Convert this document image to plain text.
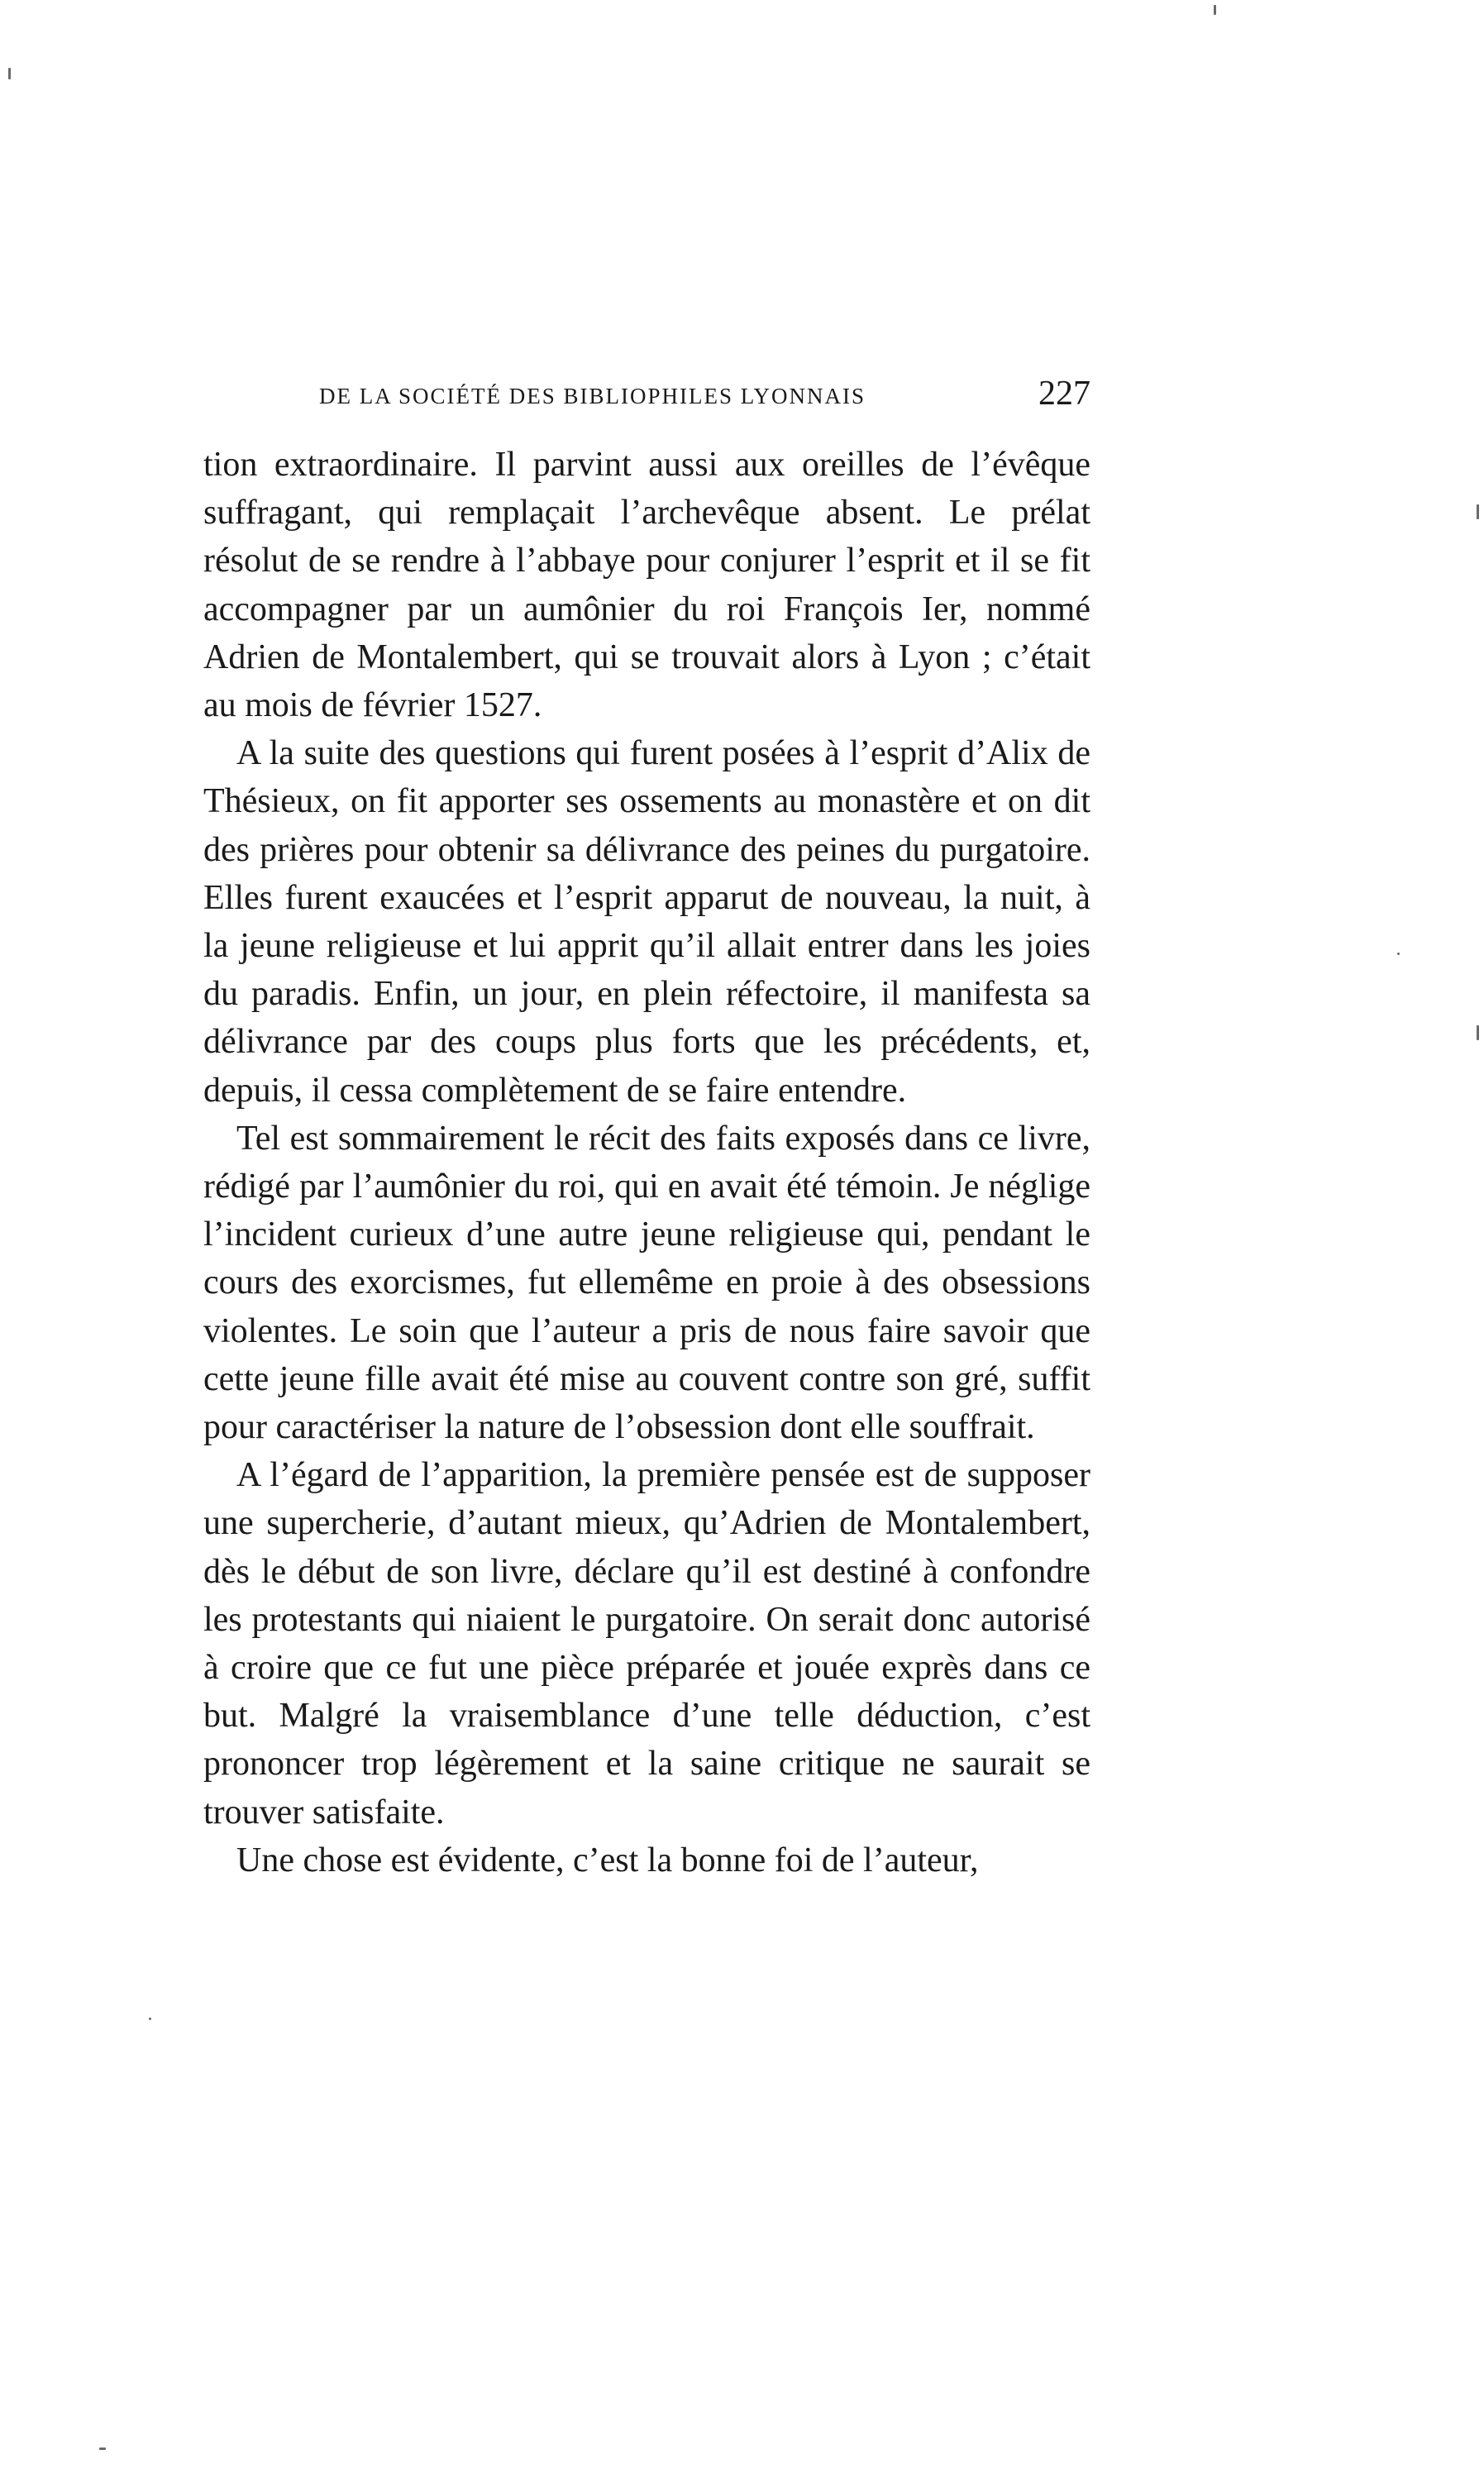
DE LA SOCIÉTÉ DES BIBLIOPHILES LYONNAIS	227

tion extraordinaire. Il parvint aussi aux oreilles de l’évêque suffragant, qui remplaçait l’archevêque absent. Le prélat résolut de se rendre à l’abbaye pour conjurer l’esprit et il se fit accompagner par un aumônier du roi François Ier, nommé Adrien de Montalembert, qui se trouvait alors à Lyon ; c’était au mois de février 1527.

A la suite des questions qui furent posées à l’esprit d’Alix de Thésieux, on fit apporter ses ossements au monastère et on dit des prières pour obtenir sa délivrance des peines du purgatoire. Elles furent exaucées et l’esprit apparut de nouveau, la nuit, à la jeune religieuse et lui apprit qu’il allait entrer dans les joies du paradis. Enfin, un jour, en plein réfectoire, il manifesta sa délivrance par des coups plus forts que les précédents, et, depuis, il cessa complètement de se faire entendre.

Tel est sommairement le récit des faits exposés dans ce livre, rédigé par l’aumônier du roi, qui en avait été témoin. Je néglige l’incident curieux d’une autre jeune religieuse qui, pendant le cours des exorcismes, fut ellemême en proie à des obsessions violentes. Le soin que l’auteur a pris de nous faire savoir que cette jeune fille avait été mise au couvent contre son gré, suffit pour caractériser la nature de l’obsession dont elle souffrait.

A l’égard de l’apparition, la première pensée est de supposer une supercherie, d’autant mieux, qu’Adrien de Montalembert, dès le début de son livre, déclare qu’il est destiné à confondre les protestants qui niaient le purgatoire. On serait donc autorisé à croire que ce fut une pièce préparée et jouée exprès dans ce but. Malgré la vraisemblance d’une telle déduction, c’est prononcer trop légèrement et la saine critique ne saurait se trouver satisfaite.

Une chose est évidente, c’est la bonne foi de l’auteur,
